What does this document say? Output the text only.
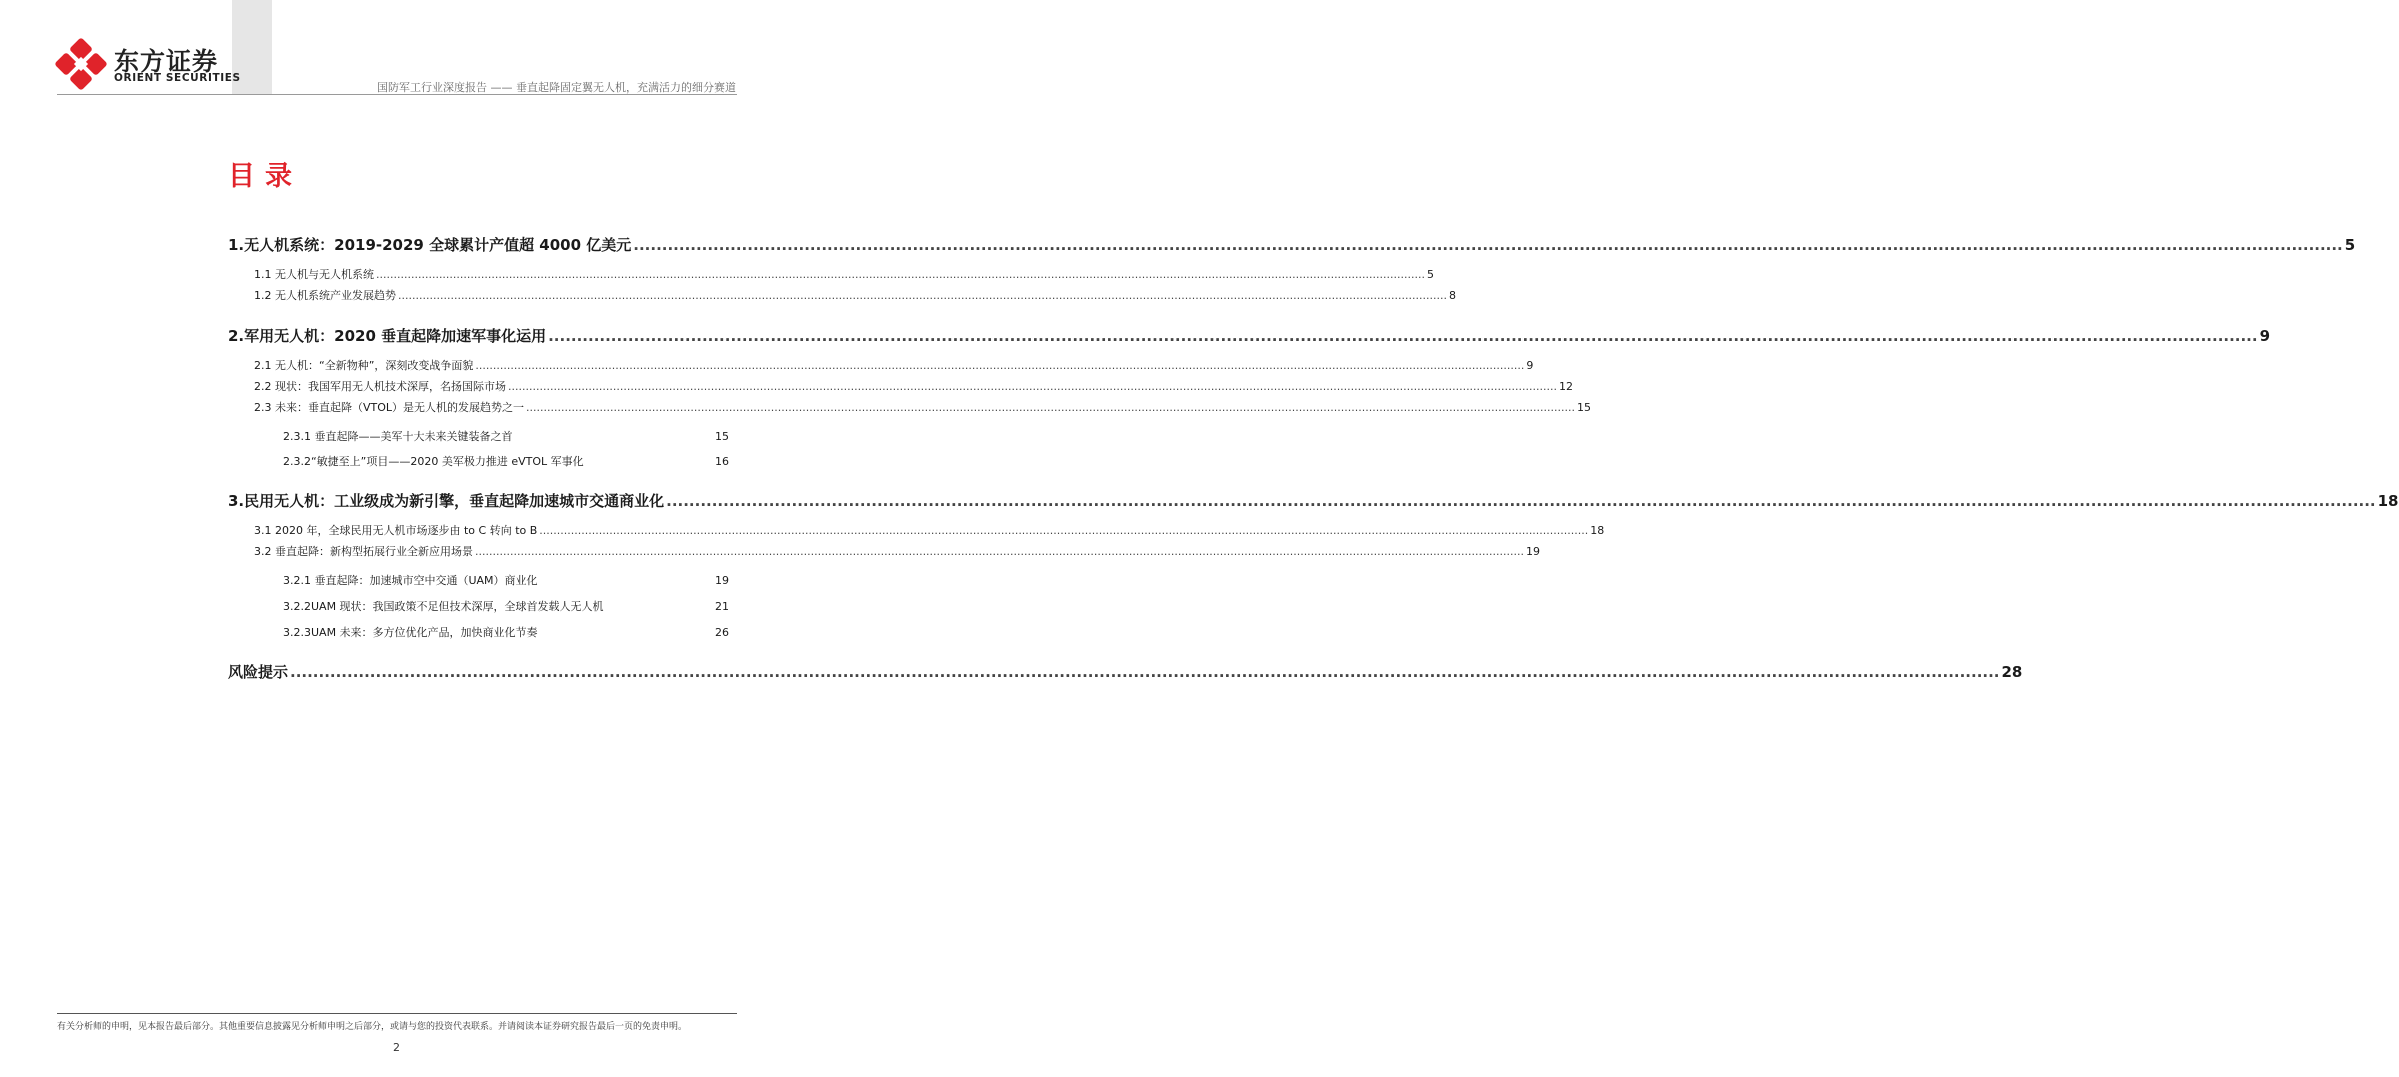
东方证券
ORIENT SECURITIES
国防军工行业深度报告 —— 垂直起降固定翼无人机，充满活力的细分赛道
目录
1.无人机系统：2019-2029 全球累计产值超 4000 亿美元 ............................................................................................................................................................................................................................................................................................................ 5
1.1 无人机与无人机系统 ............................................................................................................................................................................................................................................................................................................ 5
1.2 无人机系统产业发展趋势 ............................................................................................................................................................................................................................................................................................................ 8
2.军用无人机：2020 垂直起降加速军事化运用 ............................................................................................................................................................................................................................................................................................................ 9
2.1 无人机：“全新物种”，深刻改变战争面貌 ............................................................................................................................................................................................................................................................................................................ 9
2.2 现状：我国军用无人机技术深厚，名扬国际市场 ............................................................................................................................................................................................................................................................................................................ 12
2.3 未来：垂直起降（VTOL）是无人机的发展趋势之一 ............................................................................................................................................................................................................................................................................................................ 15
2.3.1 垂直起降——美军十大未来关键装备之首	15
2.3.2“敏捷至上”项目——2020 美军极力推进 eVTOL 军事化	16
3.民用无人机：工业级成为新引擎，垂直起降加速城市交通商业化 ............................................................................................................................................................................................................................................................................................................ 18
3.1 2020 年，全球民用无人机市场逐步由 to C 转向 to B ............................................................................................................................................................................................................................................................................................................ 18
3.2 垂直起降：新构型拓展行业全新应用场景 ............................................................................................................................................................................................................................................................................................................ 19
3.2.1 垂直起降：加速城市空中交通（UAM）商业化	19
3.2.2UAM 现状：我国政策不足但技术深厚，全球首发载人无人机	21
3.2.3UAM 未来：多方位优化产品，加快商业化节奏	26
风险提示 ............................................................................................................................................................................................................................................................................................................ 28
有关分析师的申明，见本报告最后部分。其他重要信息披露见分析师申明之后部分，或请与您的投资代表联系。并请阅读本证券研究报告最后一页的免责申明。
2
